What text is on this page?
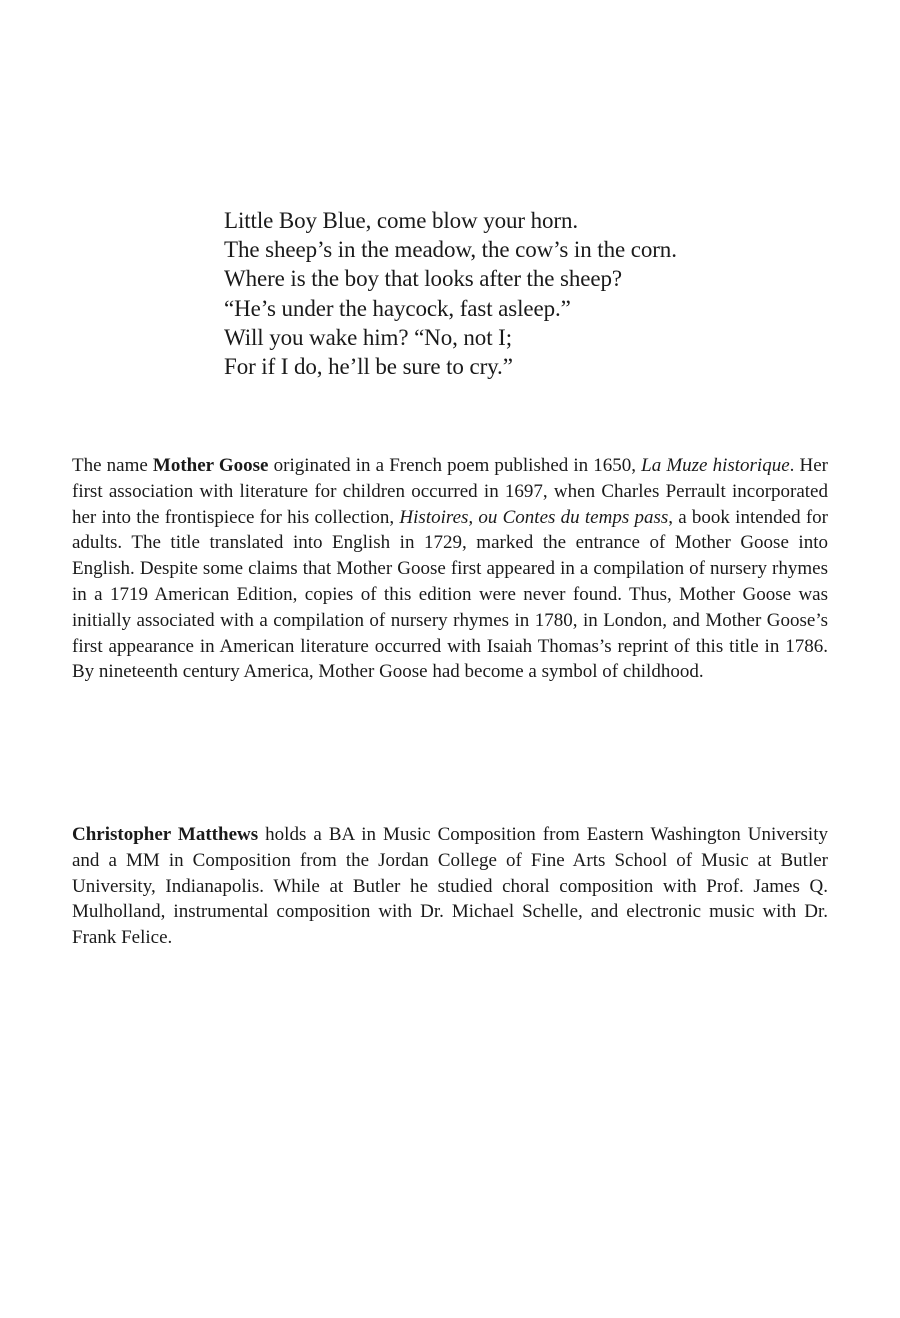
Little Boy Blue, come blow your horn.
The sheep’s in the meadow, the cow’s in the corn.
Where is the boy that looks after the sheep?
“He’s under the haycock, fast asleep.”
Will you wake him? “No, not I;
For if I do, he’ll be sure to cry.”

The name Mother Goose originated in a French poem published in 1650, La Muze historique. Her first association with literature for children occurred in 1697, when Charles Perrault incorporated her into the frontispiece for his collection, Histoires, ou Contes du temps pass, a book intended for adults. The title translated into English in 1729, marked the entrance of Mother Goose into English. Despite some claims that Mother Goose first appeared in a compilation of nursery rhymes in a 1719 American Edition, copies of this edition were never found. Thus, Mother Goose was initially associated with a compilation of nursery rhymes in 1780, in London, and Mother Goose’s first appearance in American literature occurred with Isaiah Thomas’s reprint of this title in 1786. By nineteenth century America, Mother Goose had become a symbol of childhood.

Christopher Matthews holds a BA in Music Composition from Eastern Washington University and a MM in Composition from the Jordan College of Fine Arts School of Music at Butler University, Indianapolis. While at Butler he studied choral composition with Prof. James Q. Mulholland, instrumental composition with Dr. Michael Schelle, and electronic music with Dr. Frank Felice.
